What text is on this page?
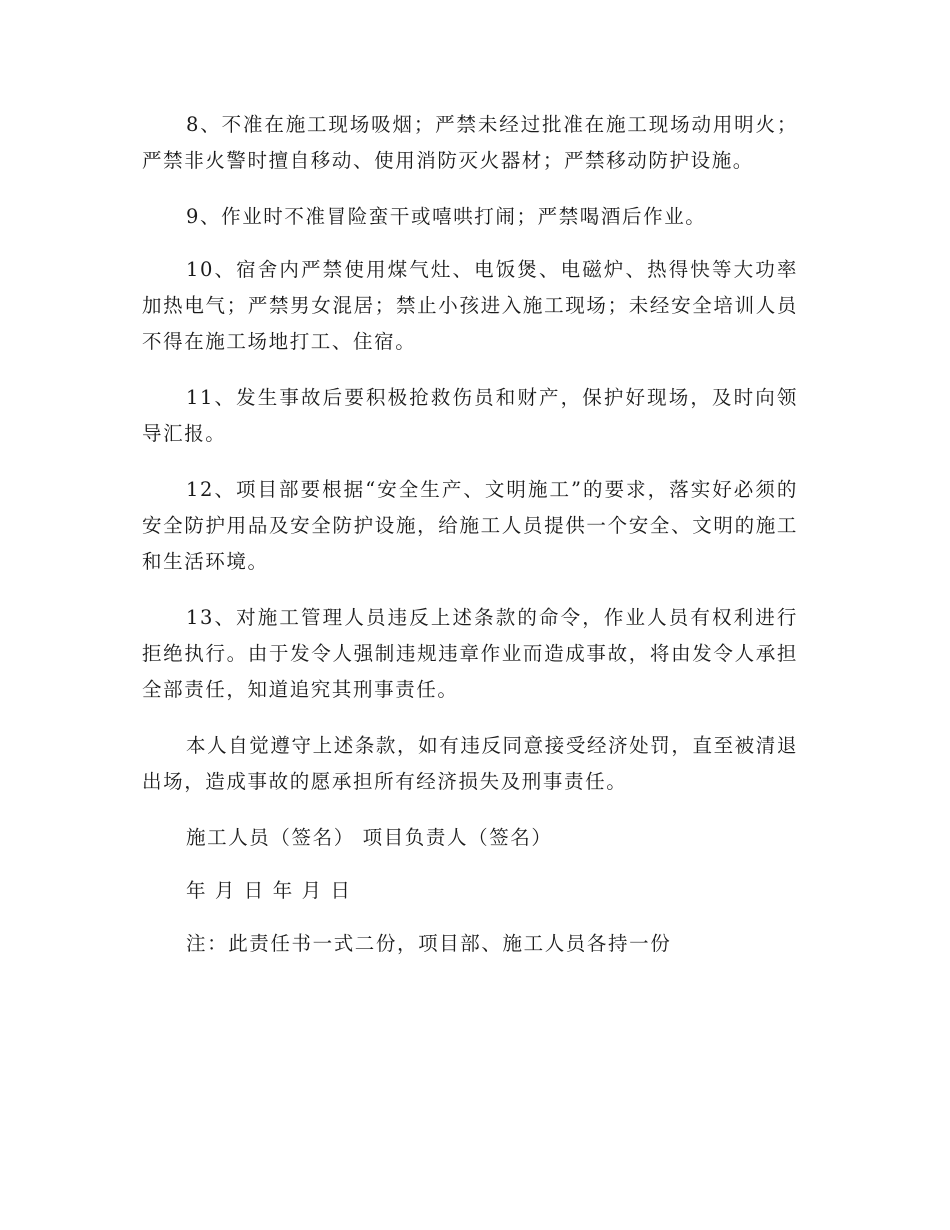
8、不准在施工现场吸烟；严禁未经过批准在施工现场动用明火；严禁非火警时擅自移动、使用消防灭火器材；严禁移动防护设施。

9、作业时不准冒险蛮干或嘻哄打闹；严禁喝酒后作业。

10、宿舍内严禁使用煤气灶、电饭煲、电磁炉、热得快等大功率加热电气；严禁男女混居；禁止小孩进入施工现场；未经安全培训人员不得在施工场地打工、住宿。

11、发生事故后要积极抢救伤员和财产，保护好现场，及时向领导汇报。

12、项目部要根据“安全生产、文明施工”的要求，落实好必须的安全防护用品及安全防护设施，给施工人员提供一个安全、文明的施工和生活环境。

13、对施工管理人员违反上述条款的命令，作业人员有权利进行拒绝执行。由于发令人强制违规违章作业而造成事故，将由发令人承担全部责任，知道追究其刑事责任。

本人自觉遵守上述条款，如有违反同意接受经济处罚，直至被清退出场，造成事故的愿承担所有经济损失及刑事责任。

施工人员（签名） 项目负责人（签名）

年 月 日 年 月 日

注：此责任书一式二份，项目部、施工人员各持一份
